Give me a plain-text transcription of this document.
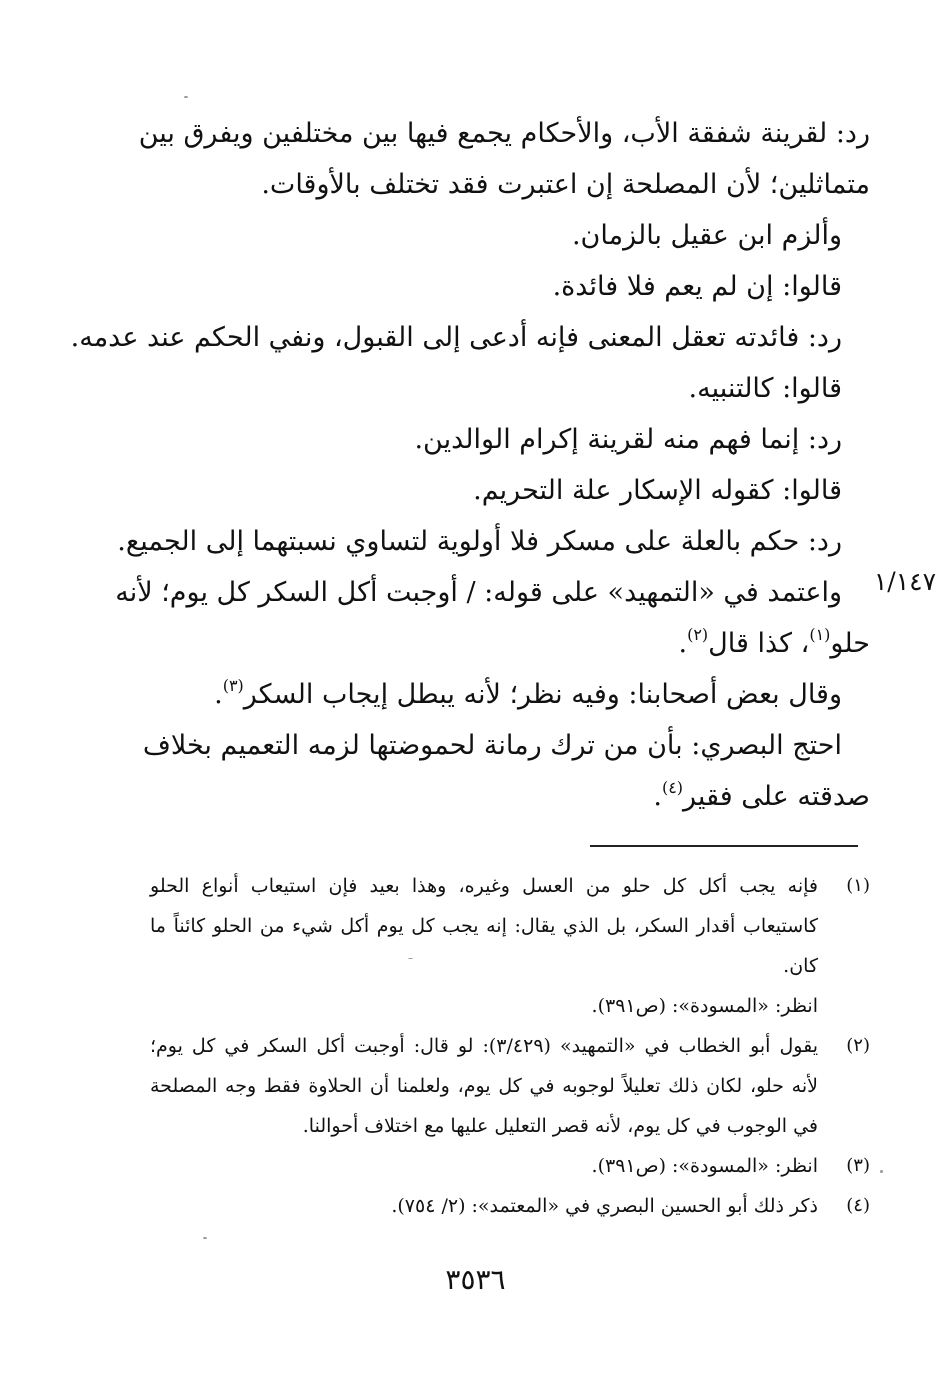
رد: لقرينة شفقة الأب، والأحكام يجمع فيها بين مختلفين ويفرق بين
متماثلين؛ لأن المصلحة إن اعتبرت فقد تختلف بالأوقات.
وألزم ابن عقيل بالزمان.
قالوا: إن لم يعم فلا فائدة.
رد: فائدته تعقل المعنى فإنه أدعى إلى القبول، ونفي الحكم عند عدمه.
قالوا: كالتنبيه.
رد: إنما فهم منه لقرينة إكرام الوالدين.
قالوا: كقوله الإسكار علة التحريم.
رد: حكم بالعلة على مسكر فلا أولوية لتساوي نسبتهما إلى الجميع.
واعتمد في «التمهيد» على قوله: / أوجبت أكل السكر كل يوم؛ لأنه
حلو$^{(١)}$، كذا قال$^{(٢)}$.
وقال بعض أصحابنا: وفيه نظر؛ لأنه يبطل إيجاب السكر$^{(٣)}$.
احتج البصري: بأن من ترك رمانة لحموضتها لزمه التعميم بخلاف
صدقته على فقير$^{(٤)}$.
١/١٤٧
(١)
فإنه يجب أكل كل حلو من العسل وغيره، وهذا بعيد فإن استيعاب أنواع الحلو
كاستيعاب أقدار السكر، بل الذي يقال: إنه يجب كل يوم أكل شيء من الحلو كائناً ما
كان.
انظر: «المسودة»: (ص٣٩١).
(٢)
يقول أبو الخطاب في «التمهيد» (٣/٤٢٩): لو قال: أوجبت أكل السكر في كل يوم؛
لأنه حلو، لكان ذلك تعليلاً لوجوبه في كل يوم، ولعلمنا أن الحلاوة فقط وجه المصلحة
في الوجوب في كل يوم، لأنه قصر التعليل عليها مع اختلاف أحوالنا.
(٣)
انظر: «المسودة»: (ص٣٩١).
(٤)
ذكر ذلك أبو الحسين البصري في «المعتمد»: (٢/ ٧٥٤).
٣٥٣٦
